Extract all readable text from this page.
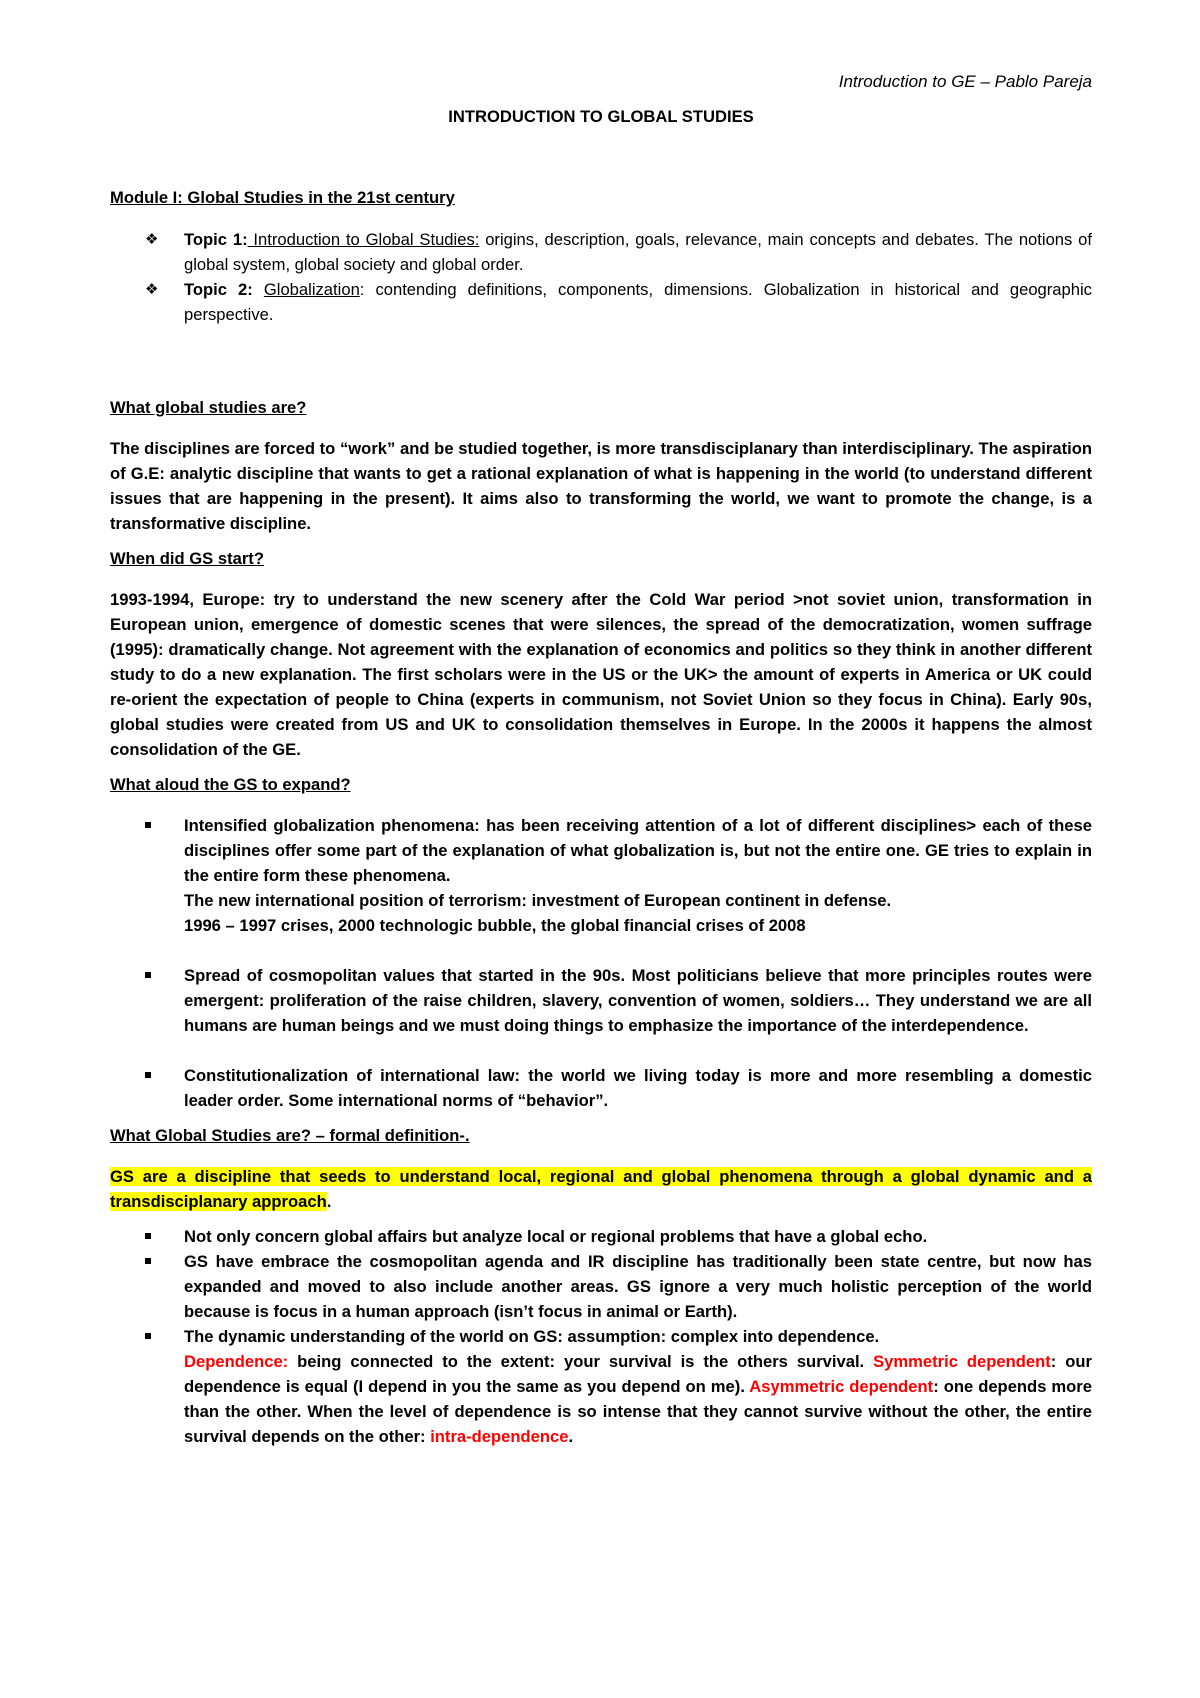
Introduction to GE – Pablo Pareja
INTRODUCTION TO GLOBAL STUDIES
Module I: Global Studies in the 21st century
❖ Topic 1: Introduction to Global Studies: origins, description, goals, relevance, main concepts and debates. The notions of global system, global society and global order.
❖ Topic 2: Globalization: contending definitions, components, dimensions. Globalization in historical and geographic perspective.
What global studies are?

The disciplines are forced to “work” and be studied together, is more transdisciplanary than interdisciplinary. The aspiration of G.E: analytic discipline that wants to get a rational explanation of what is happening in the world (to understand different issues that are happening in the present). It aims also to transforming the world, we want to promote the change, is a transformative discipline.

When did GS start?

1993-1994, Europe: try to understand the new scenery after the Cold War period >not soviet union, transformation in European union, emergence of domestic scenes that were silences, the spread of the democratization, women suffrage (1995): dramatically change. Not agreement with the explanation of economics and politics so they think in another different study to do a new explanation. The first scholars were in the US or the UK> the amount of experts in America or UK could re-orient the expectation of people to China (experts in communism, not Soviet Union so they focus in China). Early 90s, global studies were created from US and UK to consolidation themselves in Europe. In the 2000s it happens the almost consolidation of the GE.

What aloud the GS to expand?
Intensified globalization phenomena: has been receiving attention of a lot of different disciplines> each of these disciplines offer some part of the explanation of what globalization is, but not the entire one. GE tries to explain in the entire form these phenomena.
The new international position of terrorism: investment of European continent in defense.
1996 – 1997 crises, 2000 technologic bubble, the global financial crises of 2008
Spread of cosmopolitan values that started in the 90s. Most politicians believe that more principles routes were emergent: proliferation of the raise children, slavery, convention of women, soldiers… They understand we are all humans are human beings and we must doing things to emphasize the importance of the interdependence.
Constitutionalization of international law: the world we living today is more and more resembling a domestic leader order. Some international norms of “behavior”.
What Global Studies are? – formal definition-.

GS are a discipline that seeds to understand local, regional and global phenomena through a global dynamic and a transdisciplanary approach.

Not only concern global affairs but analyze local or regional problems that have a global echo.
GS have embrace the cosmopolitan agenda and IR discipline has traditionally been state centre, but now has expanded and moved to also include another areas. GS ignore a very much holistic perception of the world because is focus in a human approach (isn’t focus in animal or Earth).
The dynamic understanding of the world on GS: assumption: complex into dependence.
Dependence: being connected to the extent: your survival is the others survival. Symmetric dependent: our dependence is equal (I depend in you the same as you depend on me). Asymmetric dependent: one depends more than the other. When the level of dependence is so intense that they cannot survive without the other, the entire survival depends on the other: intra-dependence.
